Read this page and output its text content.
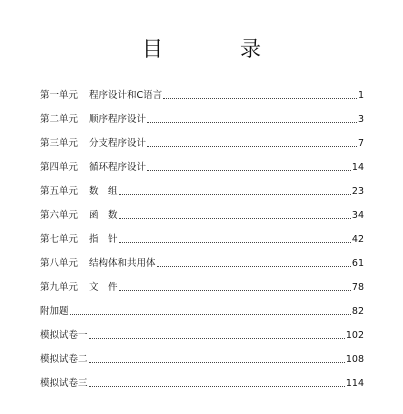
目　录
第一单元	程序设计和C语言	1
第二单元	顺序程序设计	3
第三单元	分支程序设计	7
第四单元	循环程序设计	14
第五单元	数　组	23
第六单元	函　数	34
第七单元	指　针	42
第八单元	结构体和共用体	61
第九单元	文　件	78
附加题	82
模拟试卷一	102
模拟试卷二	108
模拟试卷三	114
